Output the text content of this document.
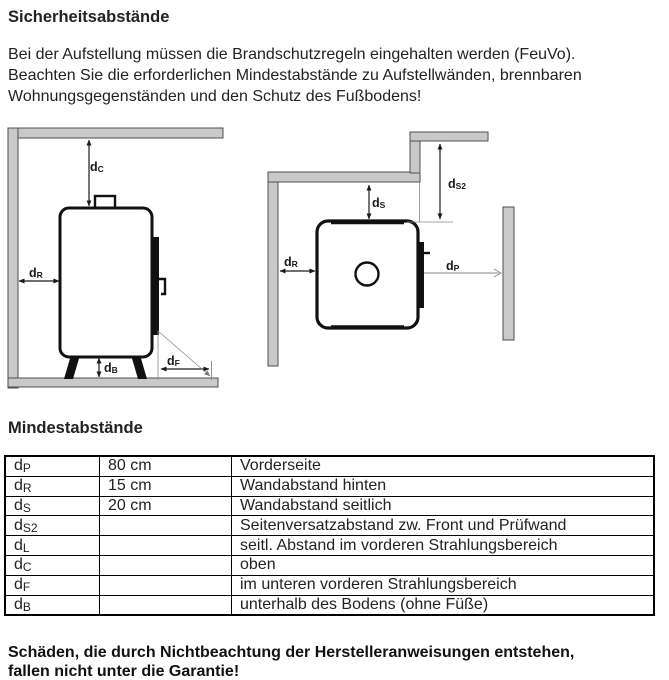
Sicherheitsabstände
Bei der Aufstellung müssen die Brandschutzregeln eingehalten werden (FeuVo).
Beachten Sie die erforderlichen Mindestabstände zu Aufstellwänden, brennbaren
Wohnungsgegenständen und den Schutz des Fußbodens!
$d_C$
$d_R$
$d_B$
$d_F$
$d_S$
$d_{S2}$
$d_R$	$d_P$
Mindestabstände
$d_P$	80 cm	Vorderseite
$d_R$	15 cm	Wandabstand hinten
$d_S$	20 cm	Wandabstand seitlich
$d_{S2}$		Seitenversatzabstand zw. Front und Prüfwand
$d_L$		seitl. Abstand im vorderen Strahlungsbereich
$d_C$		oben
$d_F$		im unteren vorderen Strahlungsbereich
$d_B$		unterhalb des Bodens (ohne Füße)
Schäden, die durch Nichtbeachtung der Herstelleranweisungen entstehen,
fallen nicht unter die Garantie!
